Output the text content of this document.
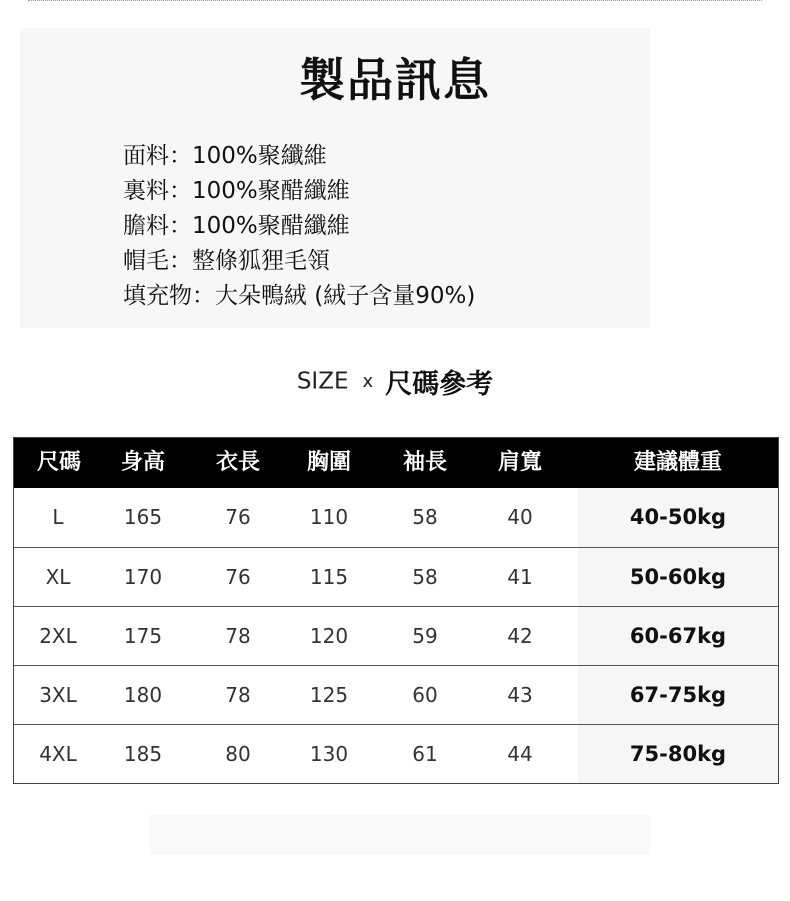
製品訊息
面料：100%聚纖維
裏料：100%聚醋纖維
膽料：100%聚醋纖維
帽毛：整條狐狸毛領
填充物：大朵鴨絨 (絨子含量90%)
SIZE x 尺碼參考
尺碼	身高	衣長	胸圍	袖長	肩寬	建議體重
L	165	76	110	58	40	40-50kg
XL	170	76	115	58	41	50-60kg
2XL	175	78	120	59	42	60-67kg
3XL	180	78	125	60	43	67-75kg
4XL	185	80	130	61	44	75-80kg
